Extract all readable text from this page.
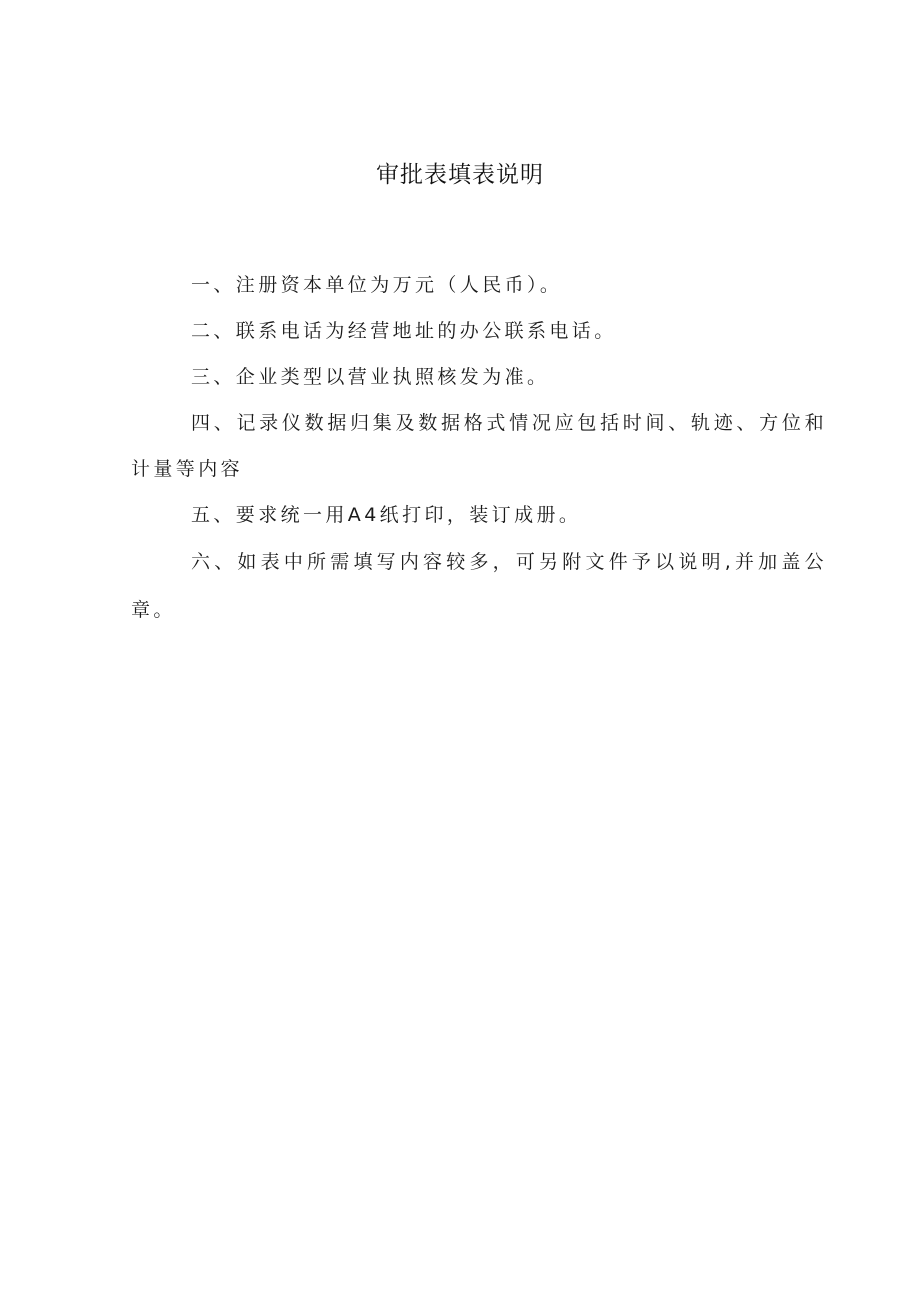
审批表填表说明

一、注册资本单位为万元（人民币）。

二、联系电话为经营地址的办公联系电话。

三、企业类型以营业执照核发为准。

四、记录仪数据归集及数据格式情况应包括时间、轨迹、方位和计量等内容

五、要求统一用A4纸打印，装订成册。

六、如表中所需填写内容较多，可另附文件予以说明,并加盖公章。
